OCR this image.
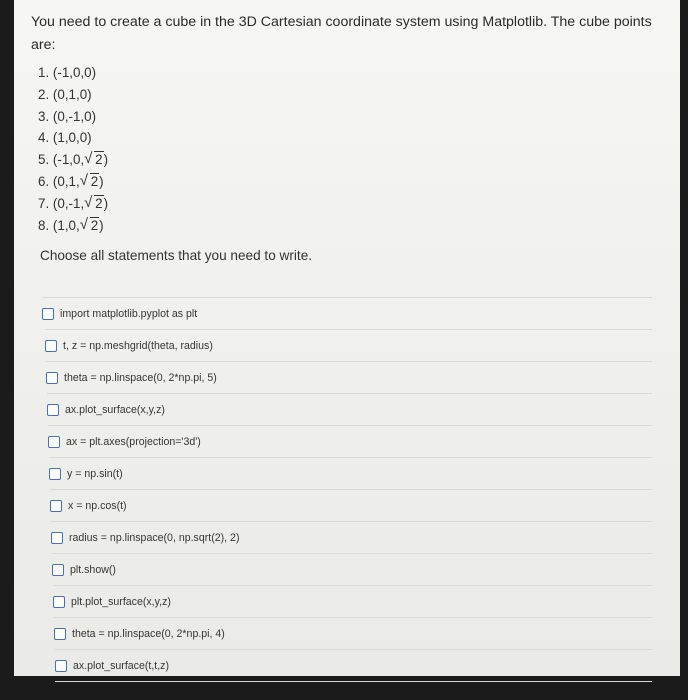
You need to create a cube in the 3D Cartesian coordinate system using Matplotlib. The cube points are:
1. (-1,0,0)
2. (0,1,0)
3. (0,-1,0)
4. (1,0,0)
5. (-1,0, √ 2)
6. (0,1, √ 2)
7. (0,-1, √ 2)
8. (1,0, √ 2)
Choose all statements that you need to write.
import matplotlib.pyplot as plt
t, z = np.meshgrid(theta, radius)
theta = np.linspace(0, 2*np.pi, 5)
ax.plot_surface(x,y,z)
ax = plt.axes(projection='3d')
y = np.sin(t)
x = np.cos(t)
radius = np.linspace(0, np.sqrt(2), 2)
plt.show()
plt.plot_surface(x,y,z)
theta = np.linspace(0, 2*np.pi, 4)
ax.plot_surface(t,t,z)
